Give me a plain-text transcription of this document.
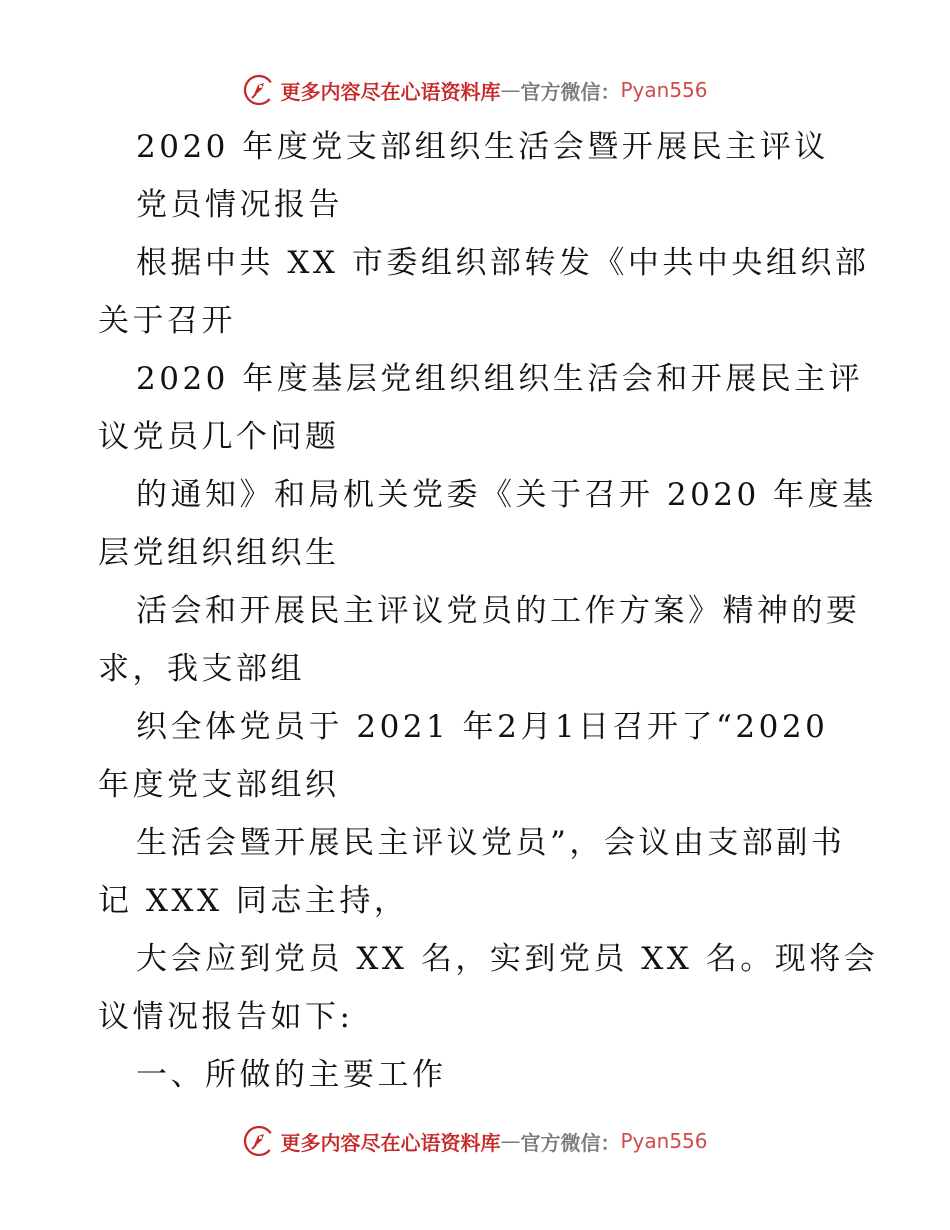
更多内容尽在心语资料库 — 官方微信： Pyan556
2020 年度党支部组织生活会暨开展民主评议
党员情况报告
根据中共 XX 市委组织部转发《中共中央组织部
关于召开
2020 年度基层党组织组织生活会和开展民主评
议党员几个问题
的通知》和局机关党委《关于召开 2020 年度基
层党组织组织生
活会和开展民主评议党员的工作方案》精神的要
求，我支部组
织全体党员于 2021 年2月1日召开了“2020
年度党支部组织
生活会暨开展民主评议党员”，会议由支部副书
记 XXX 同志主持，
大会应到党员 XX 名，实到党员 XX 名。现将会
议情况报告如下:
一、所做的主要工作
更多内容尽在心语资料库 — 官方微信： Pyan556
